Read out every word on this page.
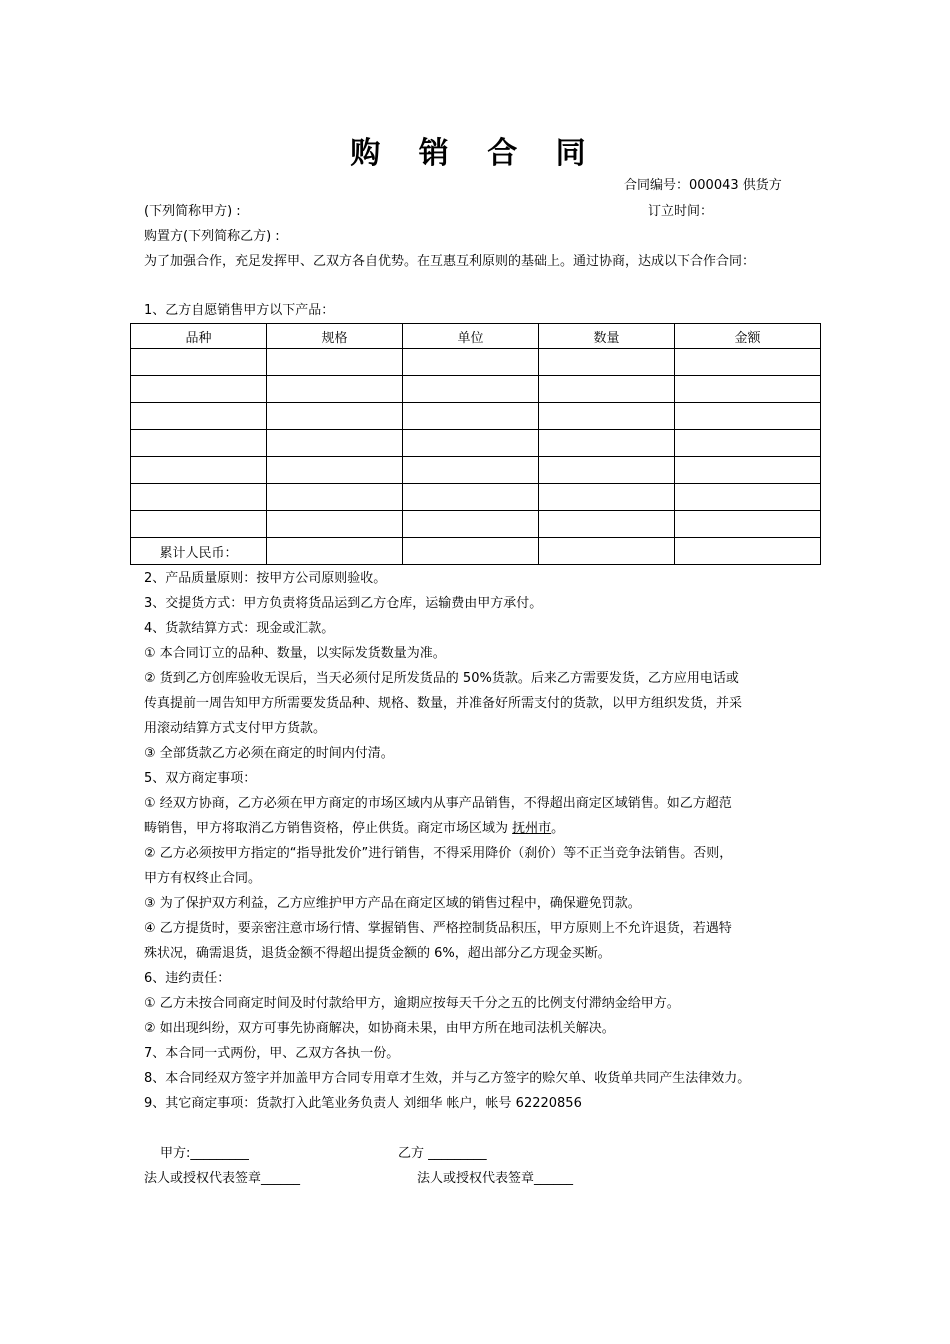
购 销 合 同
合同编号：000043 供货方
(下列简称甲方) :	订立时间：
购置方(下列简称乙方) :
为了加强合作，充足发挥甲、乙双方各自优势。在互惠互利原则的基础上。通过协商，达成以下合作合同：
1、乙方自愿销售甲方以下产品：
品种	规格	单位	数量	金额

累计人民币：				
2、产品质量原则：按甲方公司原则验收。
3、交提货方式：甲方负责将货品运到乙方仓库，运输费由甲方承付。
4、货款结算方式：现金或汇款。
① 本合同订立的品种、数量，以实际发货数量为准。
② 货到乙方创库验收无误后，当天必须付足所发货品的 50%货款。后来乙方需要发货，乙方应用电话或
传真提前一周告知甲方所需要发货品种、规格、数量，并准备好所需支付的货款，以甲方组织发货，并采
用滚动结算方式支付甲方货款。
③ 全部货款乙方必须在商定的时间内付清。
5、双方商定事项：
① 经双方协商，乙方必须在甲方商定的市场区域内从事产品销售，不得超出商定区域销售。如乙方超范
畴销售，甲方将取消乙方销售资格，停止供货。商定市场区域为 抚州市。
② 乙方必须按甲方指定的“指导批发价”进行销售，不得采用降价（刹价）等不正当竞争法销售。否则，
甲方有权终止合同。
③ 为了保护双方利益，乙方应维护甲方产品在商定区域的销售过程中，确保避免罚款。
④ 乙方提货时，要亲密注意市场行情、掌握销售、严格控制货品积压，甲方原则上不允许退货，若遇特
殊状况，确需退货，退货金额不得超出提货金额的 6%，超出部分乙方现金买断。
6、违约责任：
① 乙方未按合同商定时间及时付款给甲方，逾期应按每天千分之五的比例支付滞纳金给甲方。
② 如出现纠纷，双方可事先协商解决，如协商未果，由甲方所在地司法机关解决。
7、本合同一式两份，甲、乙双方各执一份。
8、本合同经双方签字并加盖甲方合同专用章才生效，并与乙方签字的赊欠单、收货单共同产生法律效力。
9、其它商定事项：货款打入此笔业务负责人 刘细华 帐户，帐号 62220856
甲方:_________	乙方 _________
法人或授权代表签章______	法人或授权代表签章______
